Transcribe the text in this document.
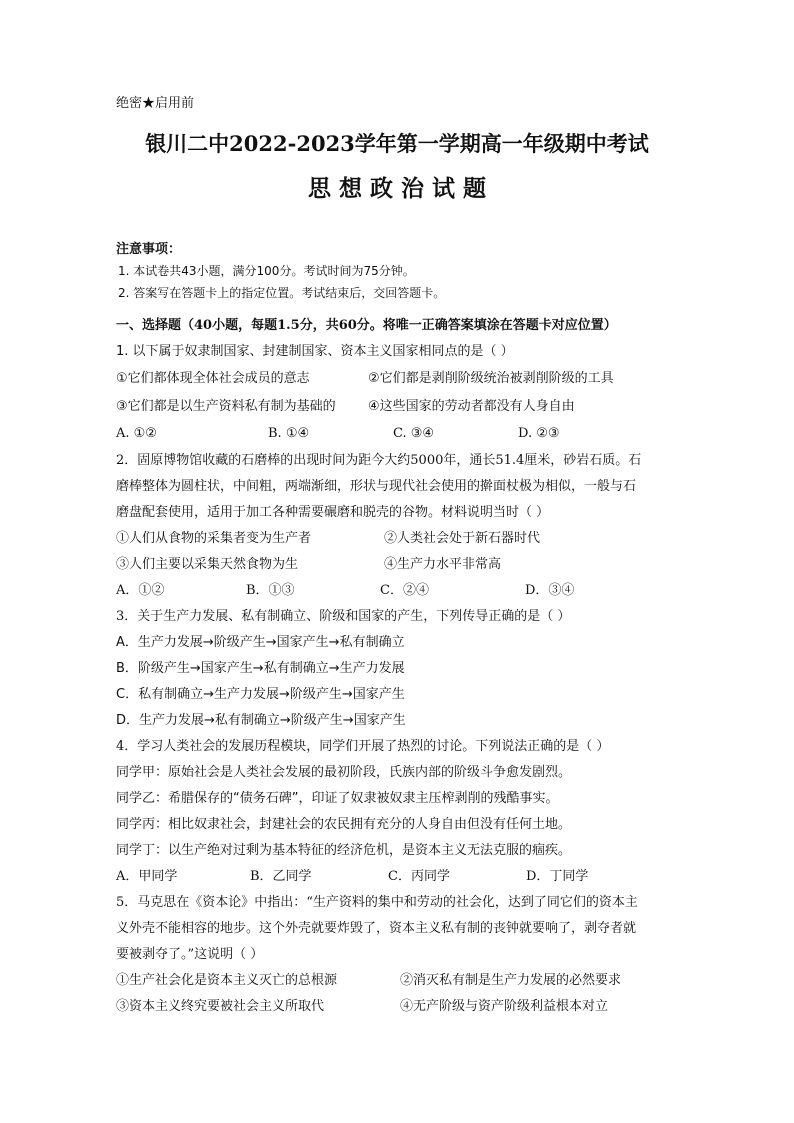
绝密★启用前
银川二中2022-2023学年第一学期高一年级期中考试
思 想 政 治 试 题
注意事项：
1. 本试卷共43小题，满分100分。考试时间为75分钟。
2. 答案写在答题卡上的指定位置。考试结束后，交回答题卡。
一、选择题（40小题，每题1.5分，共60分。将唯一正确答案填涂在答题卡对应位置）
1. 以下属于奴隶制国家、封建制国家、资本主义国家相同点的是（ ）
①它们都体现全体社会成员的意志	②它们都是剥削阶级统治被剥削阶级的工具
③它们都是以生产资料私有制为基础的 ④这些国家的劳动者都没有人身自由
A. ①②	B. ①④	C. ③④	D. ②③
2．固原博物馆收藏的石磨棒的出现时间为距今大约5000年，通长51.4厘米，砂岩石质。石
磨棒整体为圆柱状，中间粗，两端渐细，形状与现代社会使用的擀面杖极为相似，一般与石
磨盘配套使用，适用于加工各种需要碾磨和脱壳的谷物。材料说明当时（ ）
①人们从食物的采集者变为生产者	②人类社会处于新石器时代
③人们主要以采集天然食物为生	④生产力水平非常高
A．①②	B．①③	C．②④	D．③④
3．关于生产力发展、私有制确立、阶级和国家的产生，下列传导正确的是（ ）
A．生产力发展→阶级产生→国家产生→私有制确立
B．阶级产生→国家产生→私有制确立→生产力发展
C．私有制确立→生产力发展→阶级产生→国家产生
D．生产力发展→私有制确立→阶级产生→国家产生
4．学习人类社会的发展历程模块，同学们开展了热烈的讨论。下列说法正确的是（ ）
同学甲：原始社会是人类社会发展的最初阶段，氏族内部的阶级斗争愈发剧烈。
同学乙：希腊保存的“债务石碑”，印证了奴隶被奴隶主压榨剥削的残酷事实。
同学丙：相比奴隶社会，封建社会的农民拥有充分的人身自由但没有任何土地。
同学丁：以生产绝对过剩为基本特征的经济危机，是资本主义无法克服的痼疾。
A．甲同学	B．乙同学	C．丙同学	D．丁同学
5．马克思在《资本论》中指出：“生产资料的集中和劳动的社会化，达到了同它们的资本主
义外壳不能相容的地步。这个外壳就要炸毁了，资本主义私有制的丧钟就要响了，剥夺者就
要被剥夺了。”这说明（ ）
①生产社会化是资本主义灭亡的总根源	②消灭私有制是生产力发展的必然要求
③资本主义终究要被社会主义所取代	④无产阶级与资产阶级利益根本对立
